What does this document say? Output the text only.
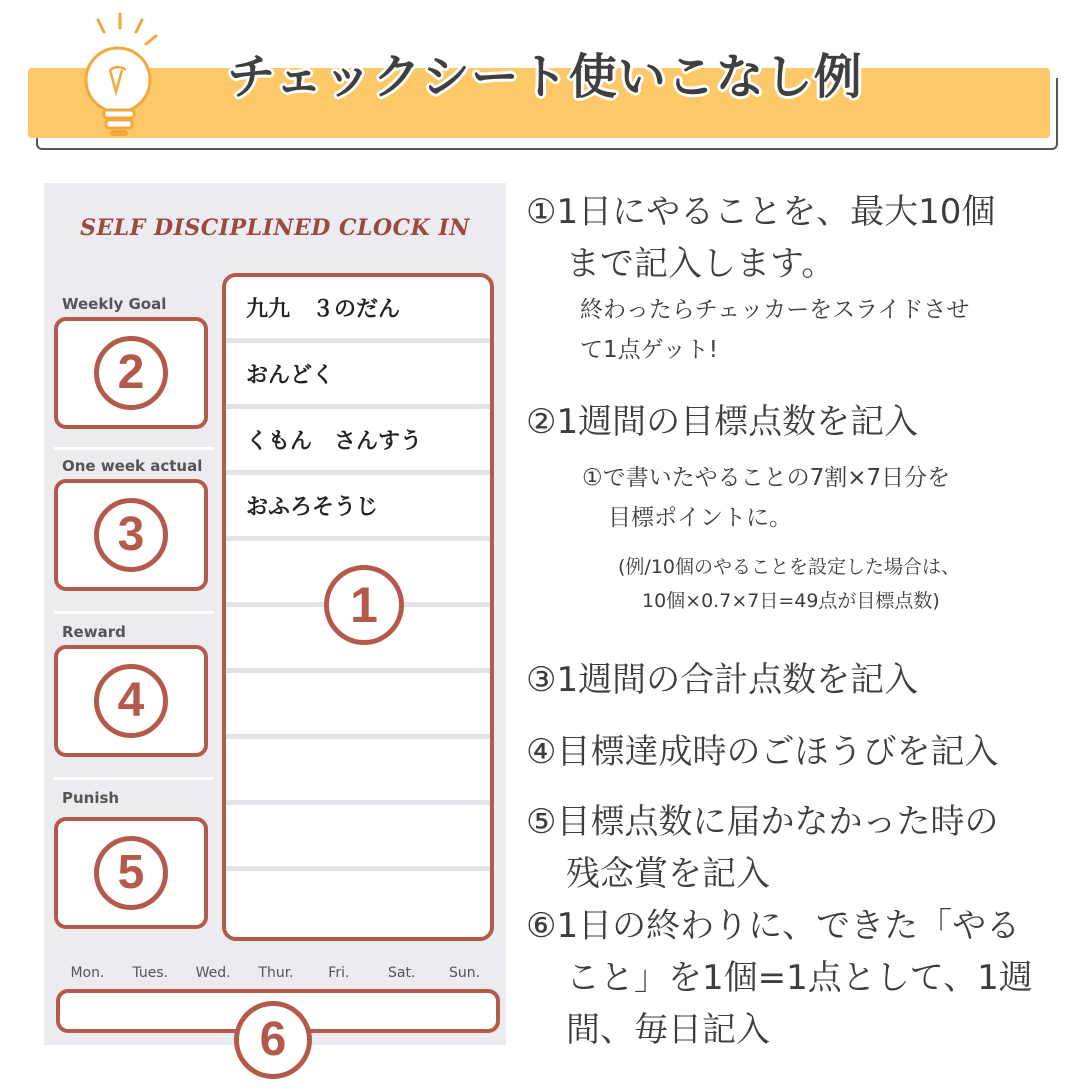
チェックシート使いこなし例
SELF DISCIPLINED CLOCK IN
Weekly Goal
2
One week actual
3
Reward
4
Punish
5
九九　３のだん
おんどく
くもん　さんすう
おふろそうじ
1
Mon.	Tues.	Wed.	Thur.	Fri.	Sat.	Sun.
6
①1日にやることを、最大10個
まで記入します。
終わったらチェッカーをスライドさせ
て1点ゲット!
②1週間の目標点数を記入
①で書いたやることの7割×7日分を
目標ポイントに。
(例/10個のやることを設定した場合は、
10個×0.7×7日=49点が目標点数)
③1週間の合計点数を記入
④目標達成時のごほうびを記入
⑤目標点数に届かなかった時の
残念賞を記入
⑥1日の終わりに、できた「やる
こと」を1個=1点として、1週
間、毎日記入
